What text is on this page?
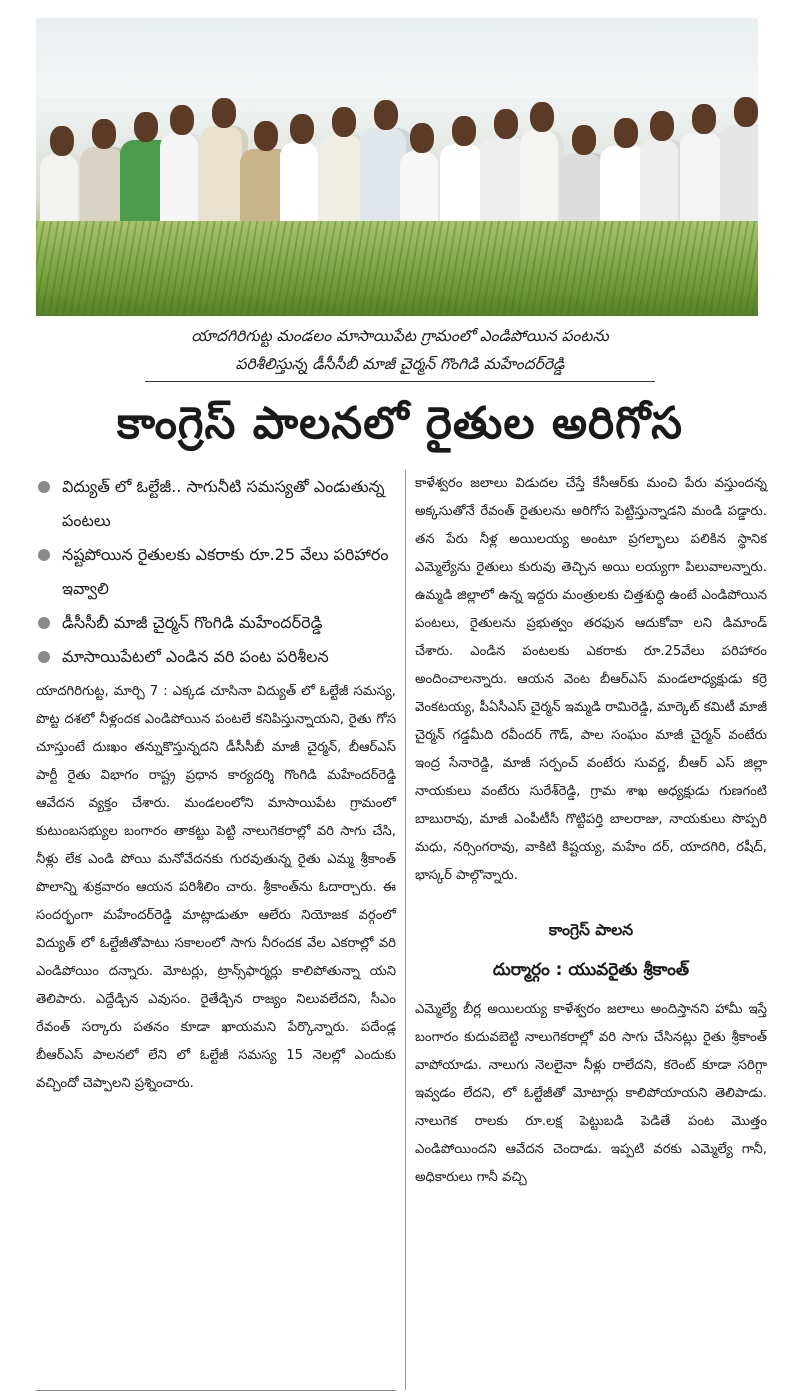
యాదగిరిగుట్ట మండలం మాసాయిపేట గ్రామంలో ఎండిపోయిన పంటను
పరిశీలిస్తున్న డీసీసీబీ మాజీ చైర్మన్ గొంగిడి మహేందర్‌రెడ్డి
కాంగ్రెస్ పాలనలో రైతుల అరిగోస
విద్యుత్ లో ఓల్టేజీ.. సాగునీటి సమస్యతో ఎండుతున్న పంటలు
నష్టపోయిన రైతులకు ఎకరాకు రూ.25 వేలు పరిహారం ఇవ్వాలి
డీసీసీబీ మాజీ చైర్మన్ గొంగిడి మహేందర్‌రెడ్డి
మాసాయిపేటలో ఎండిన వరి పంట పరిశీలన

యాదగిరిగుట్ట, మార్చి 7 : ఎక్కడ చూసినా విద్యుత్ లో ఓల్టేజీ సమస్య, పొట్ట దశలో నీళ్లందక ఎండిపోయిన పంటలే కనిపిస్తున్నాయని, రైతు గోస చూస్తుంటే దుఃఖం తన్నుకొస్తున్నదని డీసీసీబీ మాజీ చైర్మన్, బీఆర్ఎస్ పార్టీ రైతు విభాగం రాష్ట్ర ప్రధాన కార్యదర్శి గొంగిడి మహేందర్‌రెడ్డి ఆవేదన వ్యక్తం చేశారు. మండలంలోని మాసాయిపేట గ్రామంలో కుటుంబసభ్యుల బంగారం తాకట్టు పెట్టి నాలుగెకరాల్లో వరి సాగు చేసి, నీళ్లు లేక ఎండి పోయి మనోవేదనకు గురవుతున్న రైతు ఎమ్మ శ్రీకాంత్ పొలాన్ని శుక్రవారం ఆయన పరిశీలిం చారు. శ్రీకాంత్‌ను ఓదార్చారు. ఈ సందర్భంగా మహేందర్‌రెడ్డి మాట్లాడుతూ ఆలేరు నియోజక వర్గంలో విద్యుత్ లో ఓల్టేజీతోపాటు సకాలంలో సాగు నీరందక వేల ఎకరాల్లో వరి ఎండిపోయిం దన్నారు. మోటర్లు, ట్రాన్స్‌ఫార్మర్లు కాలిపోతున్నా యని తెలిపారు. ఎద్దేడ్చిన ఎవుసం. రైతేడ్చిన రాజ్యం నిలువలేదని, సీఎం రేవంత్ సర్కారు పతనం కూడా ఖాయమని పేర్కొన్నారు. పదేండ్ల బీఆర్ఎస్ పాలనలో లేని లో ఓల్టేజీ సమస్య 15 నెలల్లో ఎందుకు వచ్చిందో చెప్పాలని ప్రశ్నించారు.

కాళేశ్వరం జలాలు విడుదల చేస్తే కేసీఆర్‌కు మంచి పేరు వస్తుందన్న అక్కసుతోనే రేవంత్ రైతులను అరిగోస పెట్టిస్తున్నాడని మండి పడ్డారు. తన పేరు నీళ్ల అయిలయ్య అంటూ ప్రగల్భాలు పలికిన స్థానిక ఎమ్మెల్యేను రైతులు కురువు తెచ్చిన అయి లయ్యగా పిలువాలన్నారు. ఉమ్మడి జిల్లాలో ఉన్న ఇద్దరు మంత్రులకు చిత్తశుద్ధి ఉంటే ఎండిపోయిన పంటలు, రైతులను ప్రభుత్వం తరఫున ఆదుకోవా లని డిమాండ్ చేశారు. ఎండిన పంటలకు ఎకరాకు రూ.25వేలు పరిహారం అందించాలన్నారు. ఆయన వెంట బీఆర్ఎస్ మండలాధ్యక్షుడు కర్రె వెంకటయ్య, పీఏసీఎస్ చైర్మన్ ఇమ్మడి రామిరెడ్డి, మార్కెట్ కమిటీ మాజీ చైర్మన్ గడ్డమీది రవీందర్ గౌడ్, పాల సంఘం మాజీ చైర్మన్ వంటేరు ఇంద్ర సేనారెడ్డి, మాజీ సర్పంచ్ వంటేరు సువర్ణ, బీఆర్ ఎస్ జిల్లా నాయకులు వంటేరు సురేశ్‌రెడ్డి, గ్రామ శాఖ అధ్యక్షుడు గుణగంటి బాబురావు, మాజీ ఎంపీటీసీ గొట్టిపర్తి బాలరాజు, నాయకులు సొప్పరి మధు, నర్సింగరావు, వాకిటి కిష్టయ్య, మహేం దర్, యాదగిరి, రషీద్, భాస్కర్ పాల్గొన్నారు.

కాంగ్రెస్ పాలన
దుర్మార్గం : యువరైతు శ్రీకాంత్

ఎమ్మెల్యే బీర్ల అయిలయ్య కాళేశ్వరం జలాలు అందిస్తానని హామీ ఇస్తే బంగారం కుదువబెట్టి నాలుగెకరాల్లో వరి సాగు చేసినట్లు రైతు శ్రీకాంత్ వాపోయాడు. నాలుగు నెలలైనా నీళ్లు రాలేదని, కరెంట్ కూడా సరిగ్గా ఇవ్వడం లేదని, లో ఓల్టేజీతో మోటార్లు కాలిపోయాయని తెలిపాడు. నాలుగెక రాలకు రూ.లక్ష పెట్టుబడి పెడితే పంట మొత్తం ఎండిపోయిందని ఆవేదన చెందాడు. ఇప్పటి వరకు ఎమ్మెల్యే గానీ, అధికారులు గానీ వచ్చి
